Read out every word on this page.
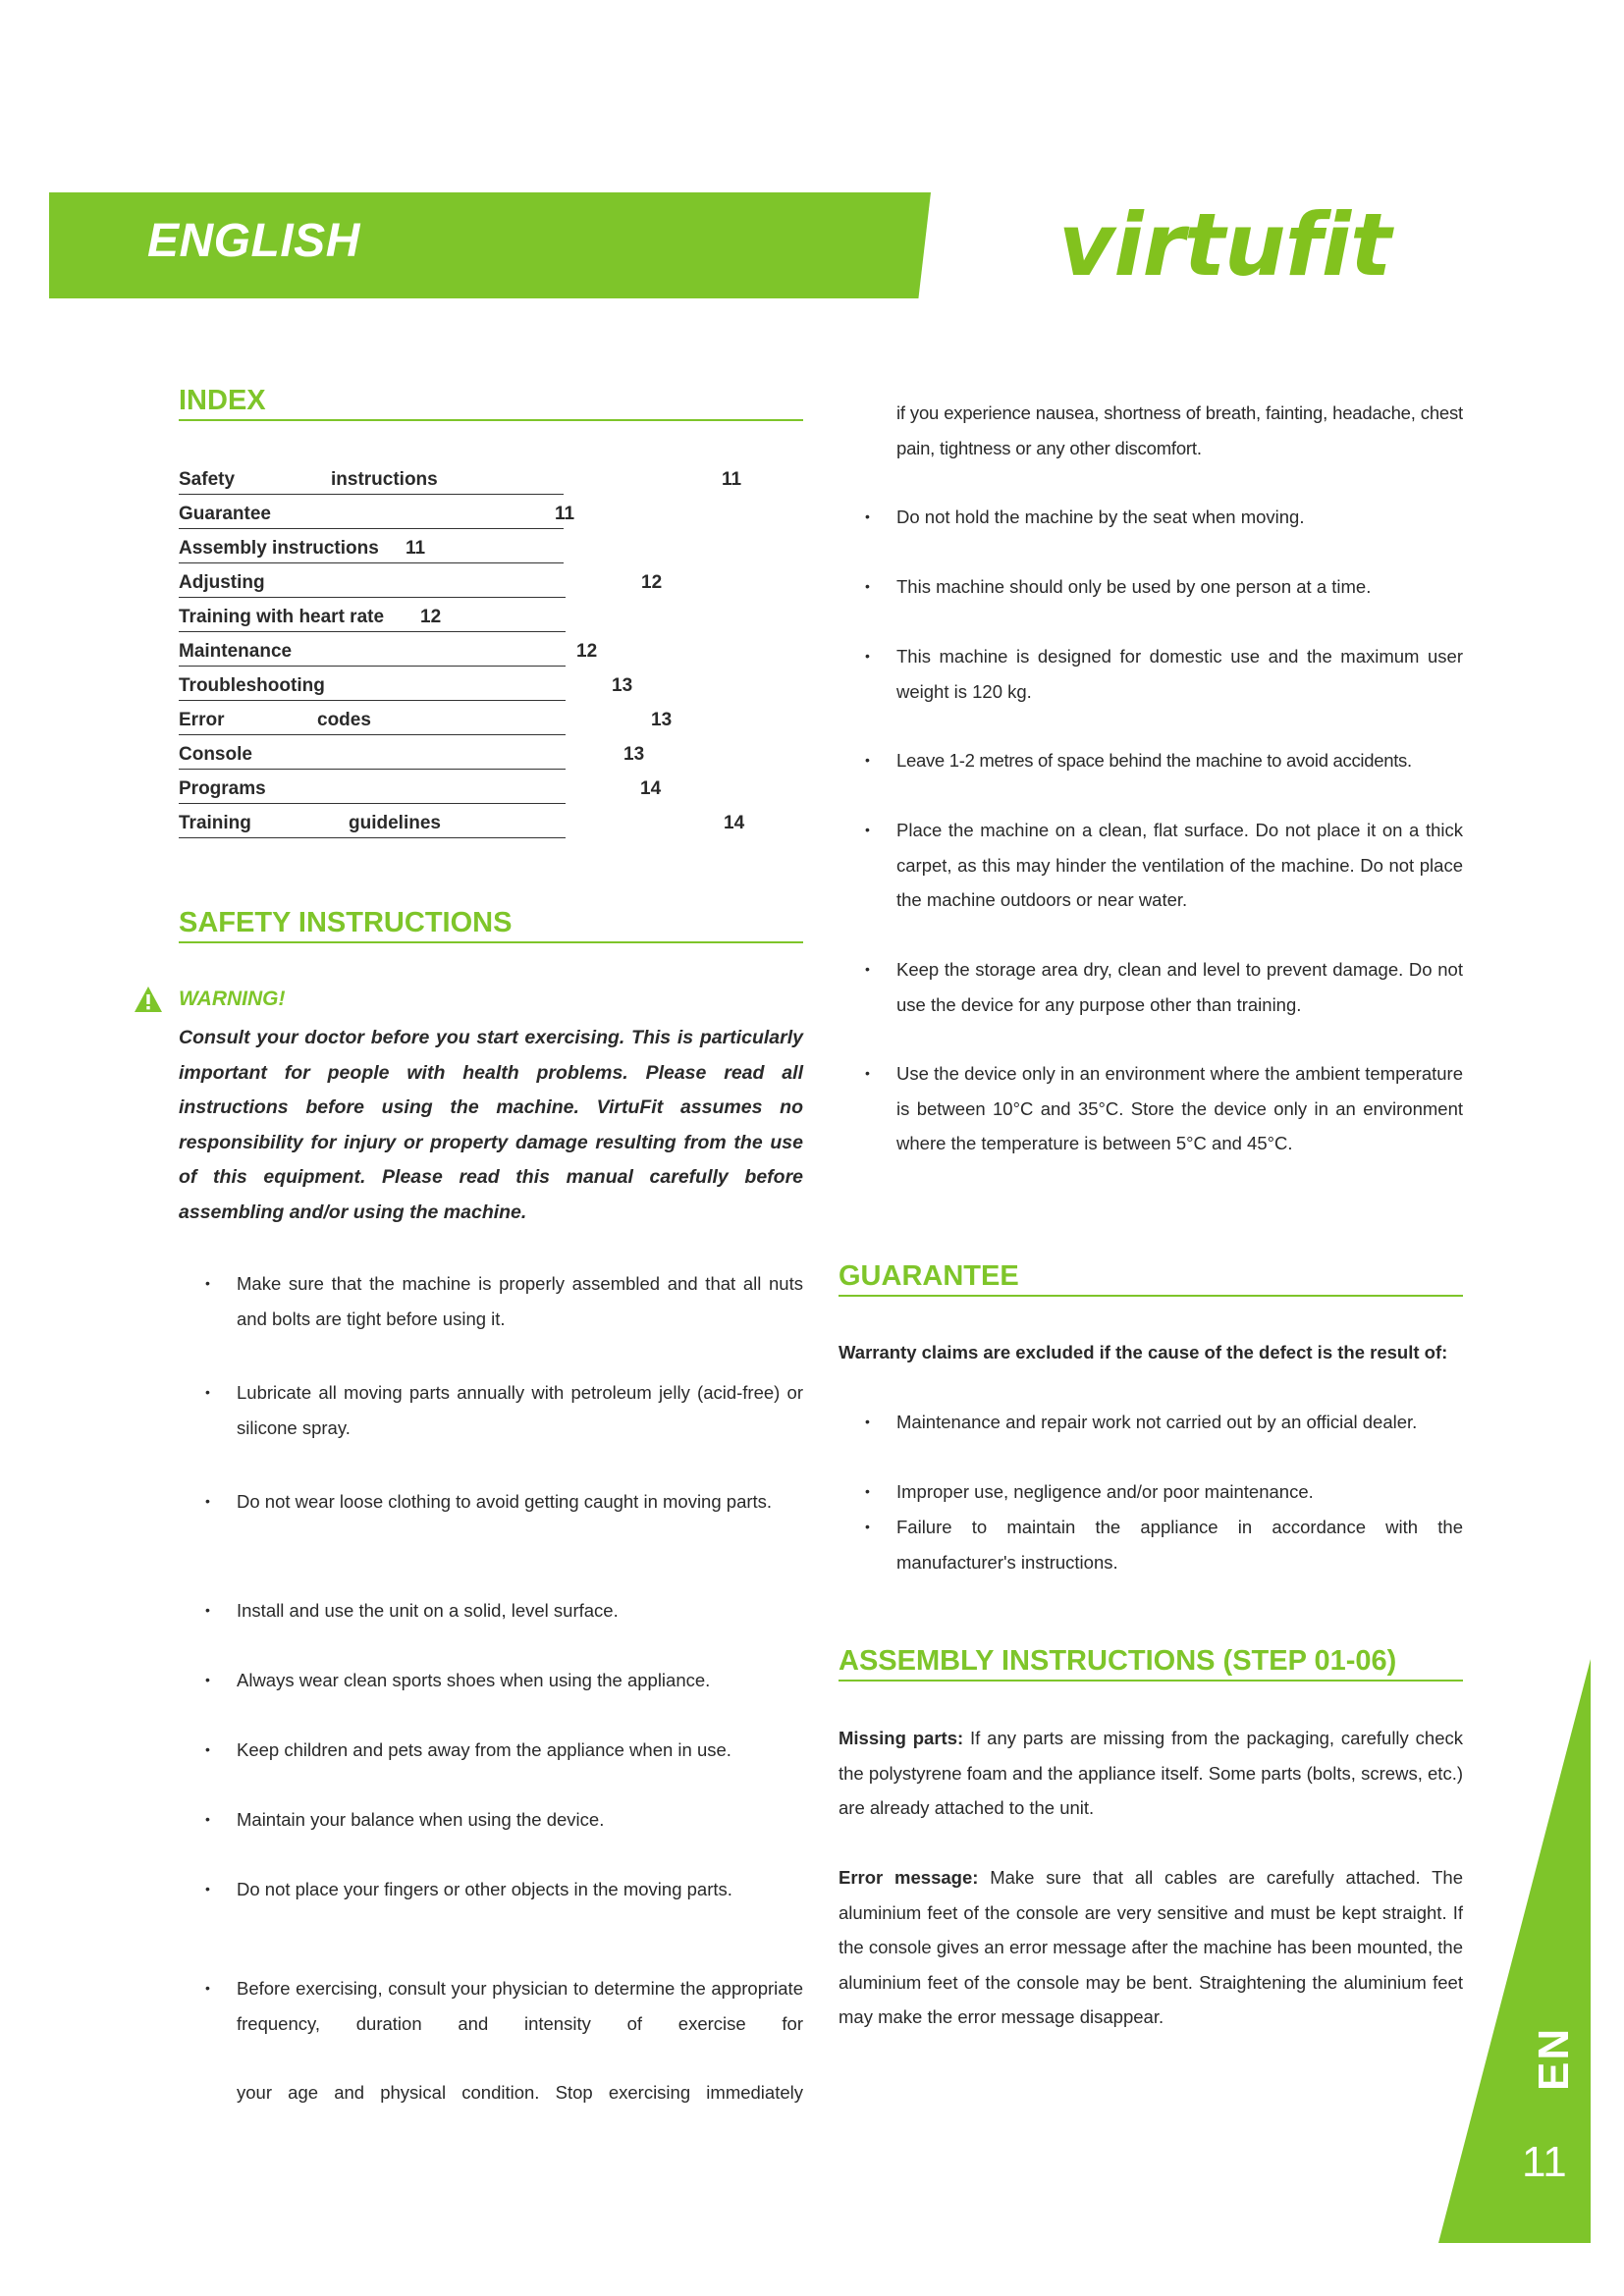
ENGLISH	virtufit
INDEX
Safety	instructions	11
Guarantee	11
Assembly instructions 11
Adjusting	12
Training with heart rate 12
Maintenance	12
Troubleshooting	13
Error	codes	13
Console	13
Programs	14
Training	guidelines	14
SAFETY INSTRUCTIONS
WARNING!
Consult your doctor before you start exercising. This is particularly important for people with health problems. Please read all instructions before using the machine. VirtuFit assumes no responsibility for injury or property damage resulting from the use of this equipment. Please read this manual carefully before assembling and/or using the machine.
• Make sure that the machine is properly assembled and that all nuts and bolts are tight before using it.
• Lubricate all moving parts annually with petroleum jelly (acid-free) or silicone spray.
• Do not wear loose clothing to avoid getting caught in moving parts.
• Install and use the unit on a solid, level surface.
• Always wear clean sports shoes when using the appliance.
• Keep children and pets away from the appliance when in use.
• Maintain your balance when using the device.
• Do not place your fingers or other objects in the moving parts.
• Before exercising, consult your physician to determine the appropriate frequency, duration and intensity of exercise for
your age and physical condition. Stop exercising immediately
if you experience nausea, shortness of breath, fainting, headache, chest pain, tightness or any other discomfort.
• Do not hold the machine by the seat when moving.
• This machine should only be used by one person at a time.
• This machine is designed for domestic use and the maximum user weight is 120 kg.
• Leave 1-2 metres of space behind the machine to avoid accidents.
• Place the machine on a clean, flat surface. Do not place it on a thick carpet, as this may hinder the ventilation of the machine. Do not place the machine outdoors or near water.
• Keep the storage area dry, clean and level to prevent damage. Do not use the device for any purpose other than training.
• Use the device only in an environment where the ambient temperature is between 10°C and 35°C. Store the device only in an environment where the temperature is between 5°C and 45°C.
GUARANTEE
Warranty claims are excluded if the cause of the defect is the result of:
• Maintenance and repair work not carried out by an official dealer.
• Improper use, negligence and/or poor maintenance.
• Failure to maintain the appliance in accordance with the manufacturer's instructions.
ASSEMBLY INSTRUCTIONS (STEP 01-06)
Missing parts: If any parts are missing from the packaging, carefully check the polystyrene foam and the appliance itself. Some parts (bolts, screws, etc.) are already attached to the unit.
Error message: Make sure that all cables are carefully attached. The aluminium feet of the console are very sensitive and must be kept straight. If the console gives an error message after the machine has been mounted, the aluminium feet of the console may be bent. Straightening the aluminium feet may make the error message disappear.
EN
11
